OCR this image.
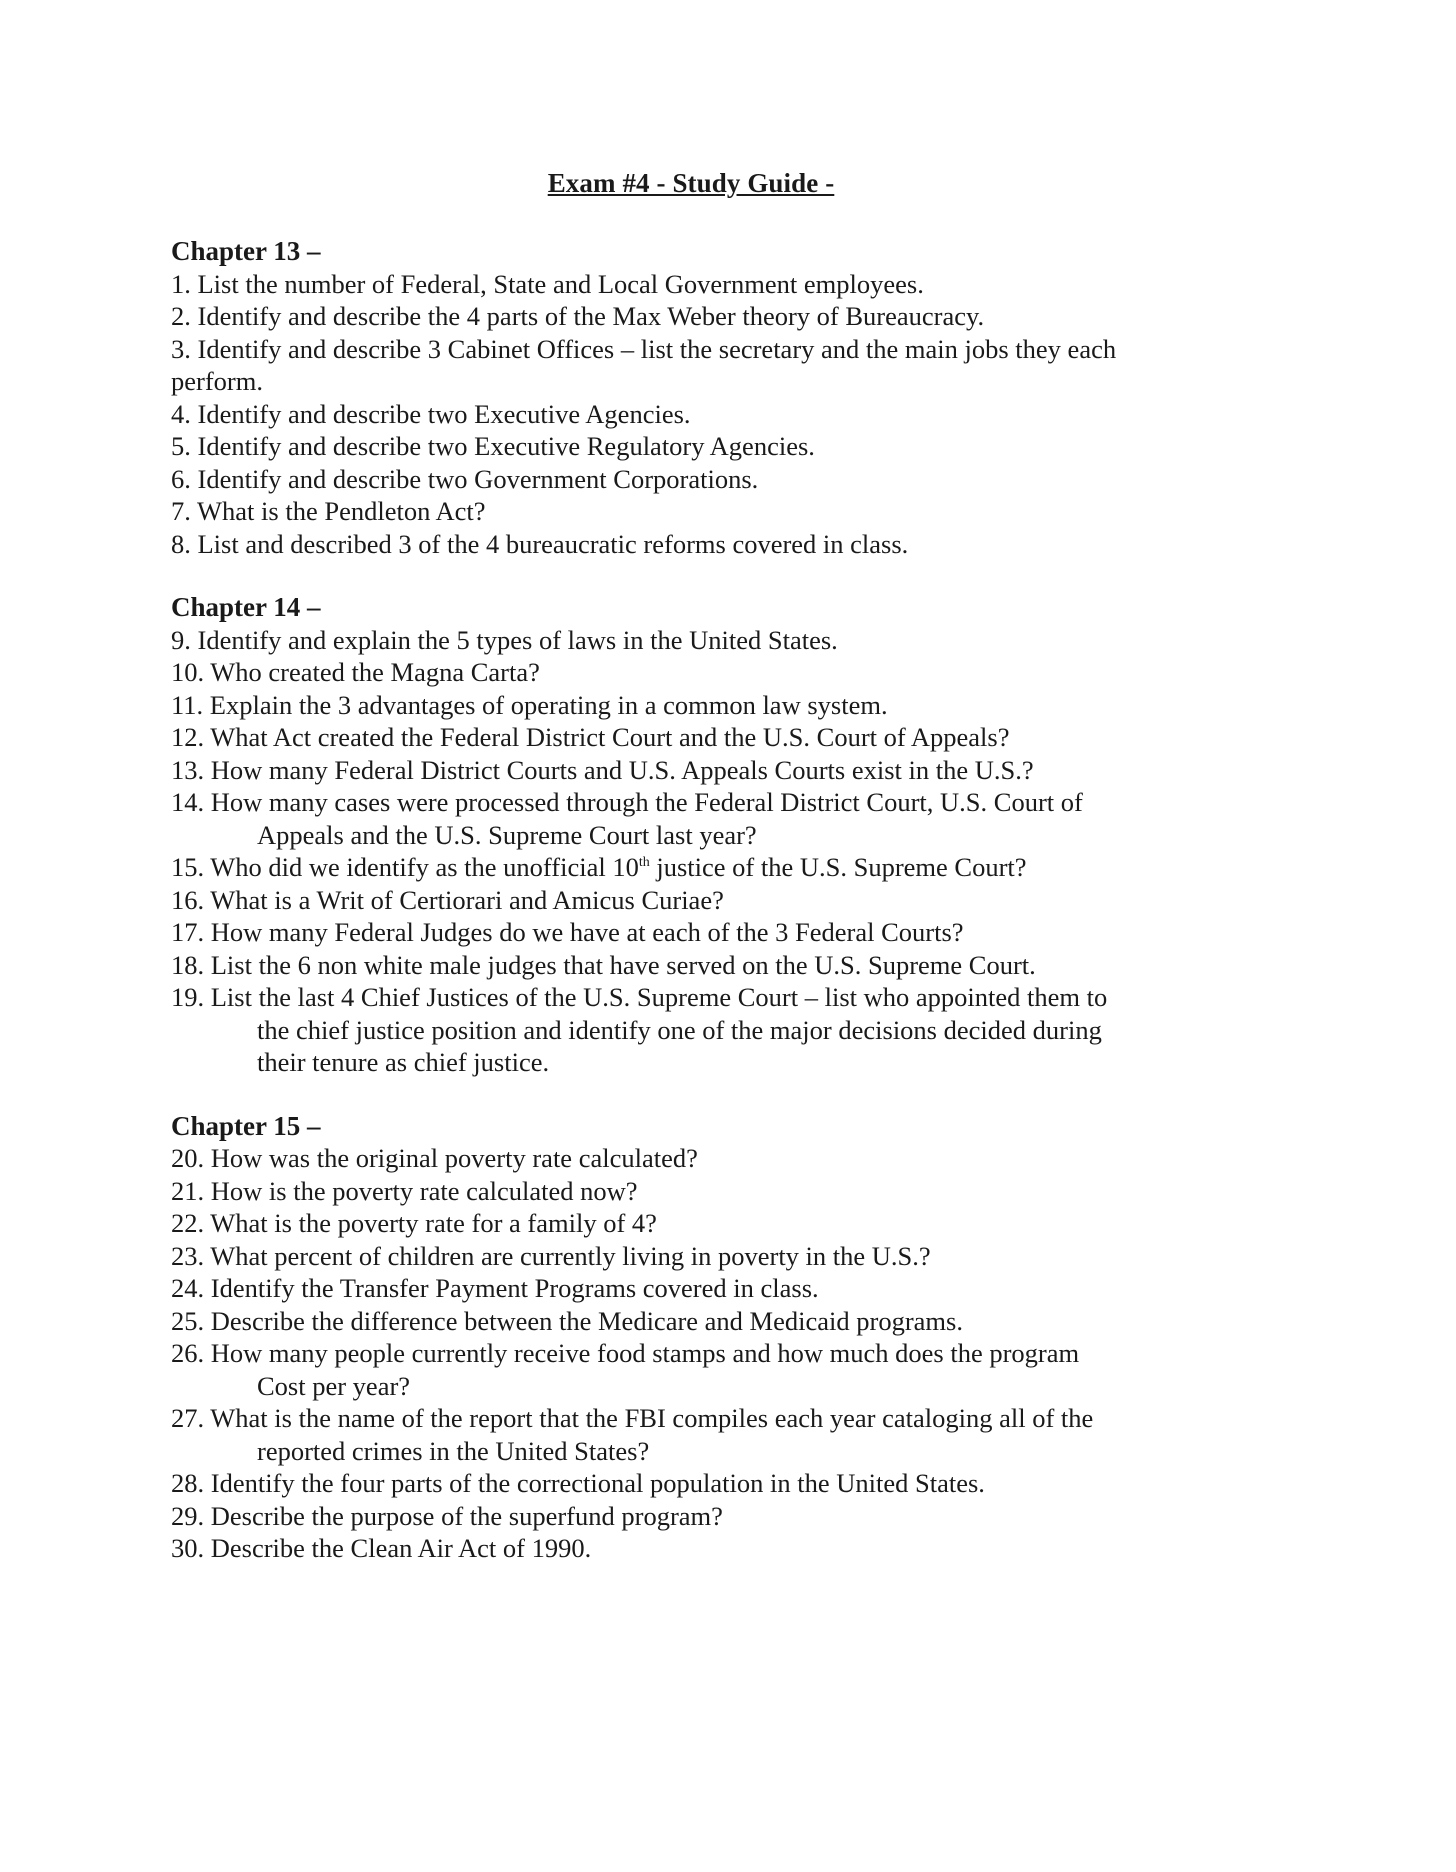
Exam #4 - Study Guide -
Chapter 13 –
1. List the number of Federal, State and Local Government employees.
2. Identify and describe the 4 parts of the Max Weber theory of Bureaucracy.
3. Identify and describe 3 Cabinet Offices – list the secretary and the main jobs they each
perform.
4. Identify and describe two Executive Agencies.
5. Identify and describe two Executive Regulatory Agencies.
6. Identify and describe two Government Corporations.
7. What is the Pendleton Act?
8. List and described 3 of the 4 bureaucratic reforms covered in class.
Chapter 14 –
9. Identify and explain the 5 types of laws in the United States.
10. Who created the Magna Carta?
11. Explain the 3 advantages of operating in a common law system.
12. What Act created the Federal District Court and the U.S. Court of Appeals?
13. How many Federal District Courts and U.S. Appeals Courts exist in the U.S.?
14. How many cases were processed through the Federal District Court, U.S. Court of
Appeals and the U.S. Supreme Court last year?
15. Who did we identify as the unofficial 10th justice of the U.S. Supreme Court?
16. What is a Writ of Certiorari and Amicus Curiae?
17. How many Federal Judges do we have at each of the 3 Federal Courts?
18. List the 6 non white male judges that have served on the U.S. Supreme Court.
19. List the last 4 Chief Justices of the U.S. Supreme Court – list who appointed them to
the chief justice position and identify one of the major decisions decided during
their tenure as chief justice.
Chapter 15 –
20. How was the original poverty rate calculated?
21. How is the poverty rate calculated now?
22. What is the poverty rate for a family of 4?
23. What percent of children are currently living in poverty in the U.S.?
24. Identify the Transfer Payment Programs covered in class.
25. Describe the difference between the Medicare and Medicaid programs.
26. How many people currently receive food stamps and how much does the program
Cost per year?
27. What is the name of the report that the FBI compiles each year cataloging all of the
reported crimes in the United States?
28. Identify the four parts of the correctional population in the United States.
29. Describe the purpose of the superfund program?
30. Describe the Clean Air Act of 1990.
